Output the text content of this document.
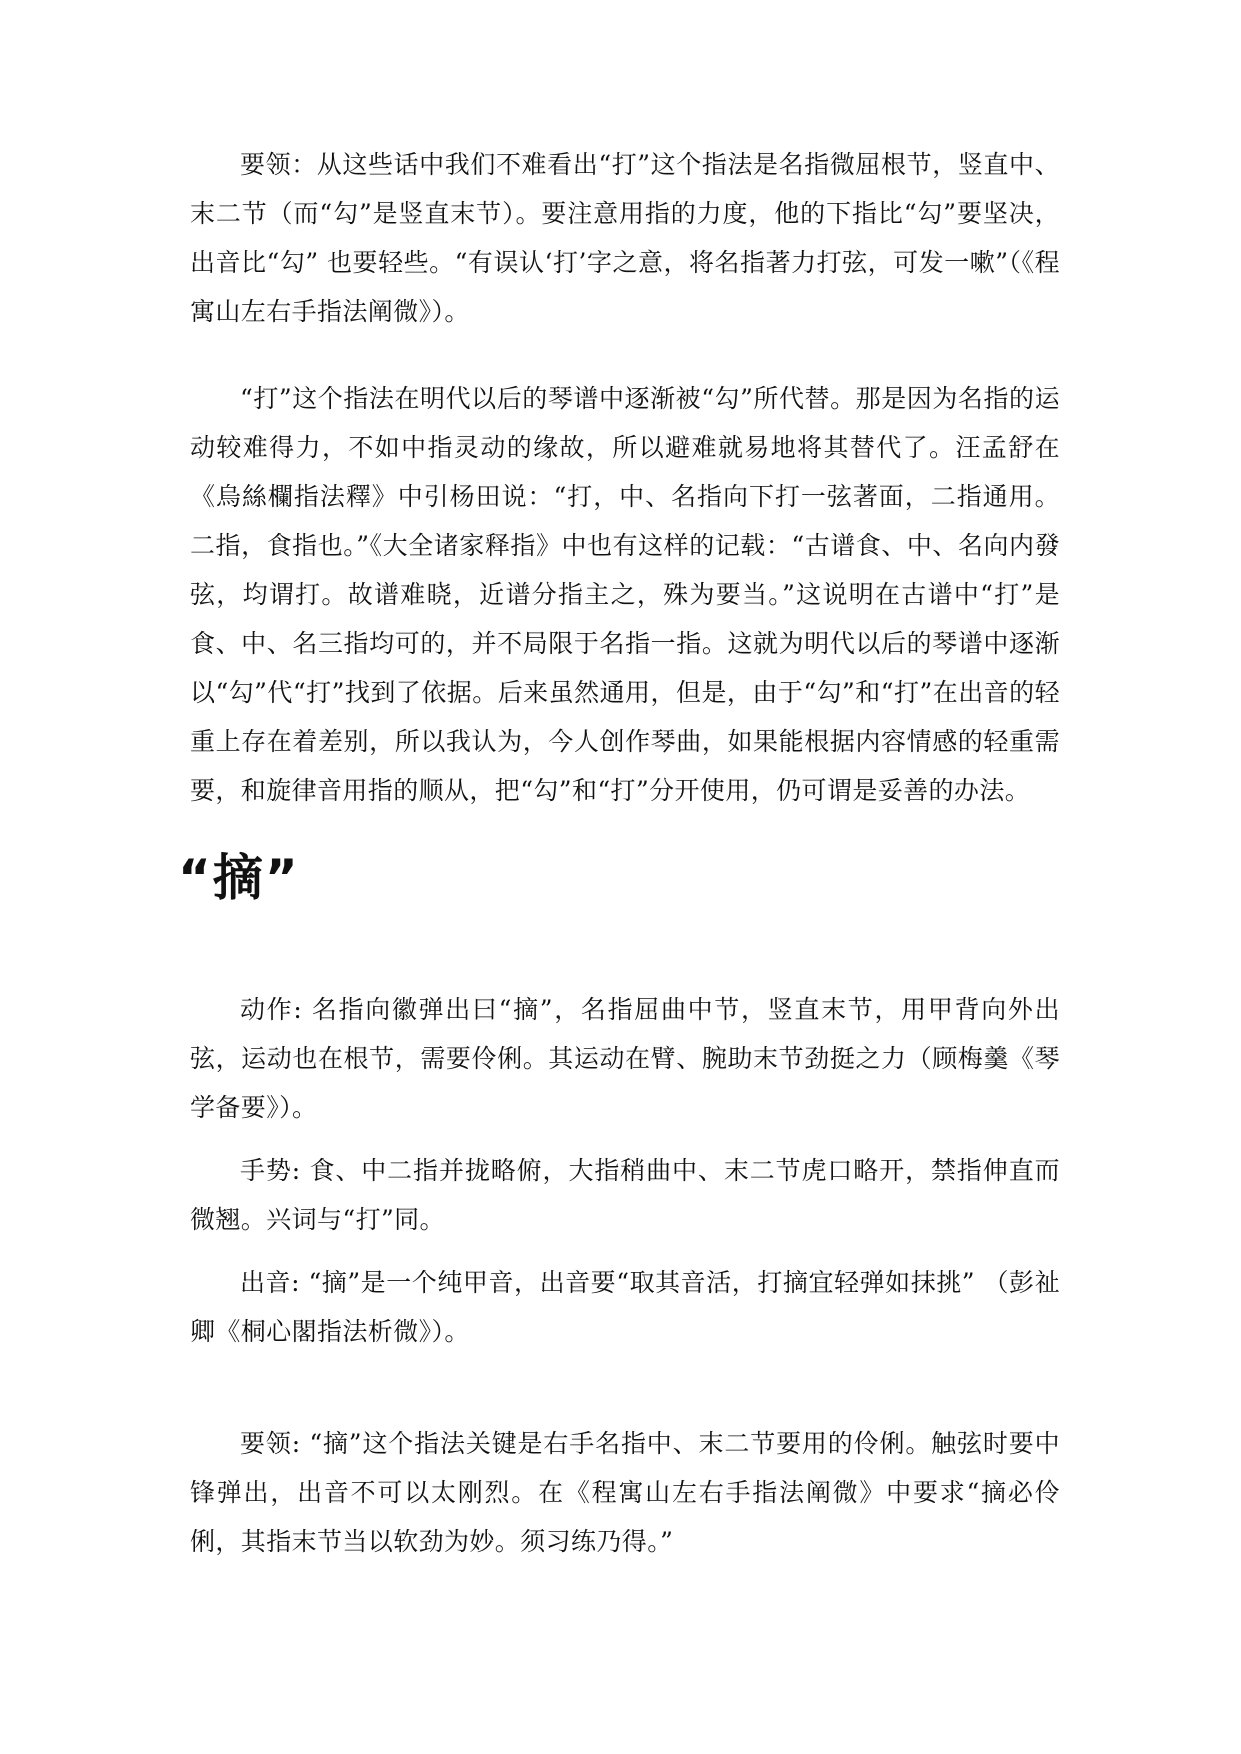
要领：从这些话中我们不难看出“打”这个指法是名指微屈根节，竖直中、末二节（而“勾”是竖直末节）。要注意用指的力度，他的下指比“勾”要坚决，出音比“勾” 也要轻些。“有误认‘打’字之意，将名指著力打弦，可发一嗽”（《程寓山左右手指法阐微》）。

“打”这个指法在明代以后的琴谱中逐渐被“勾”所代替。那是因为名指的运动较难得力，不如中指灵动的缘故，所以避难就易地将其替代了。汪孟舒在《烏絲欄指法釋》中引杨田说：“打，中、名指向下打一弦著面，二指通用。二指，食指也。”《大全诸家释指》中也有这样的记载：“古谱食、中、名向内發弦，均谓打。故谱难晓，近谱分指主之，殊为要当。”这说明在古谱中“打”是食、中、名三指均可的，并不局限于名指一指。这就为明代以后的琴谱中逐渐以“勾”代“打”找到了依据。后来虽然通用，但是，由于“勾”和“打”在出音的轻重上存在着差别，所以我认为，今人创作琴曲，如果能根据内容情感的轻重需要，和旋律音用指的顺从，把“勾”和“打”分开使用，仍可谓是妥善的办法。

“摘”

动作: 名指向徽弹出曰“摘”，名指屈曲中节，竖直末节，用甲背向外出弦，运动也在根节，需要伶俐。其运动在臂、腕助末节劲挺之力（顾梅羹《琴学备要》）。

手势: 食、中二指并拢略俯，大指稍曲中、末二节虎口略开，禁指伸直而微翘。兴词与“打”同。

出音: “摘”是一个纯甲音，出音要“取其音活，打摘宜轻弹如抹挑” （彭祉卿《桐心閣指法析微》）。

要领: “摘”这个指法关键是右手名指中、末二节要用的伶俐。触弦时要中锋弹出，出音不可以太刚烈。在《程寓山左右手指法阐微》中要求“摘必伶俐，其指末节当以软劲为妙。须习练乃得。”
